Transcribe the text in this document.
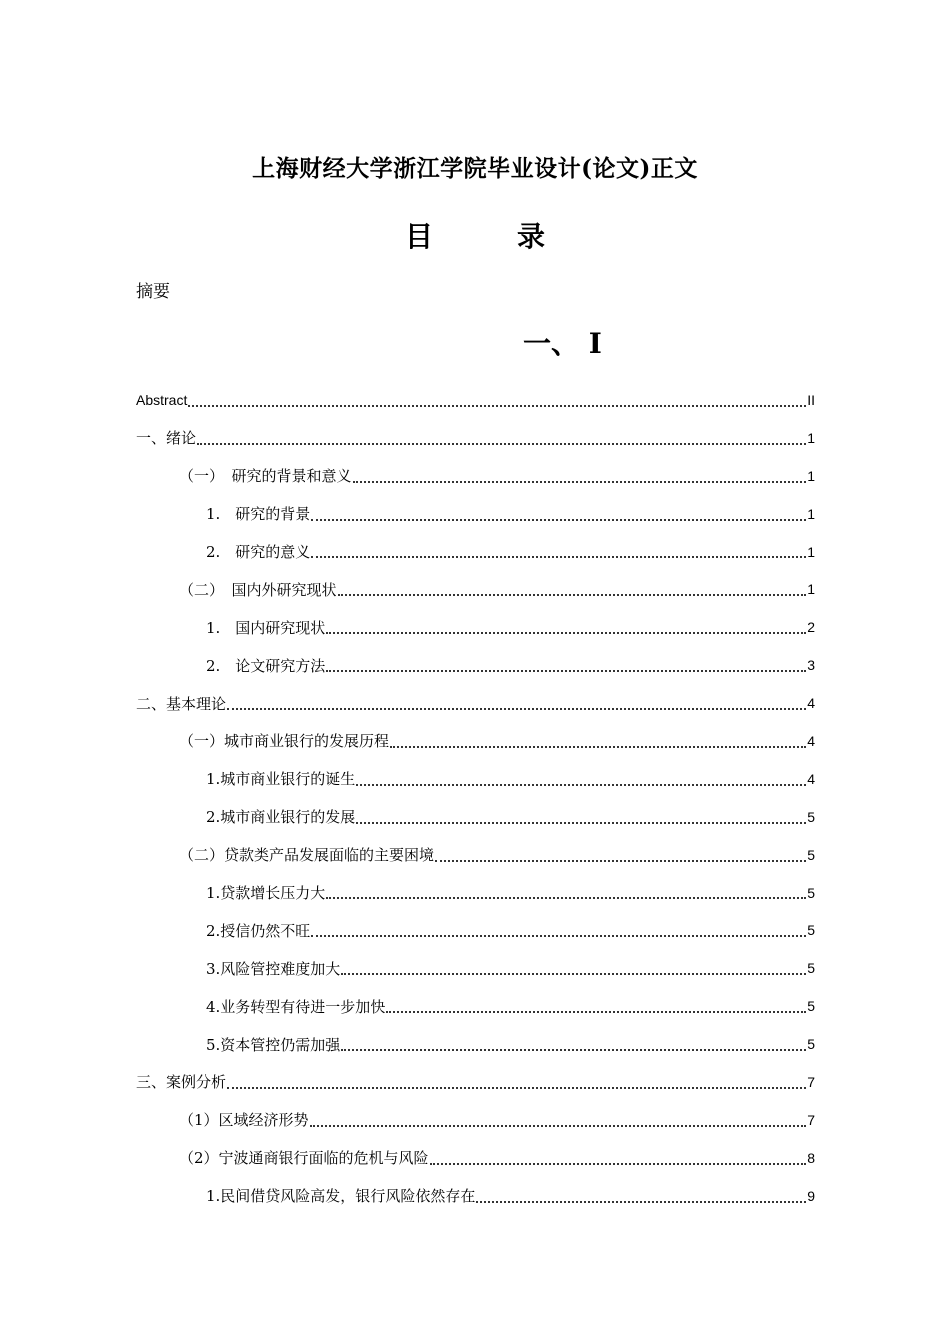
上海财经大学浙江学院毕业设计(论文)正文
目　录
摘要
一、 I
Abstract	II
一、绪论	1
（一）　研究的背景和意义	1
1.　研究的背景	1
2.　研究的意义	1
（二）　国内外研究现状	1
1.　国内研究现状	2
2.　论文研究方法	3
二、基本理论	4
（一）城市商业银行的发展历程	4
1.城市商业银行的诞生	4
2.城市商业银行的发展	5
（二）贷款类产品发展面临的主要困境	5
1.贷款增长压力大	5
2.授信仍然不旺	5
3.风险管控难度加大	5
4.业务转型有待进一步加快	5
5.资本管控仍需加强	5
三、案例分析	7
（1）区域经济形势	7
（2）宁波通商银行面临的危机与风险	8
1.民间借贷风险高发，银行风险依然存在	9
